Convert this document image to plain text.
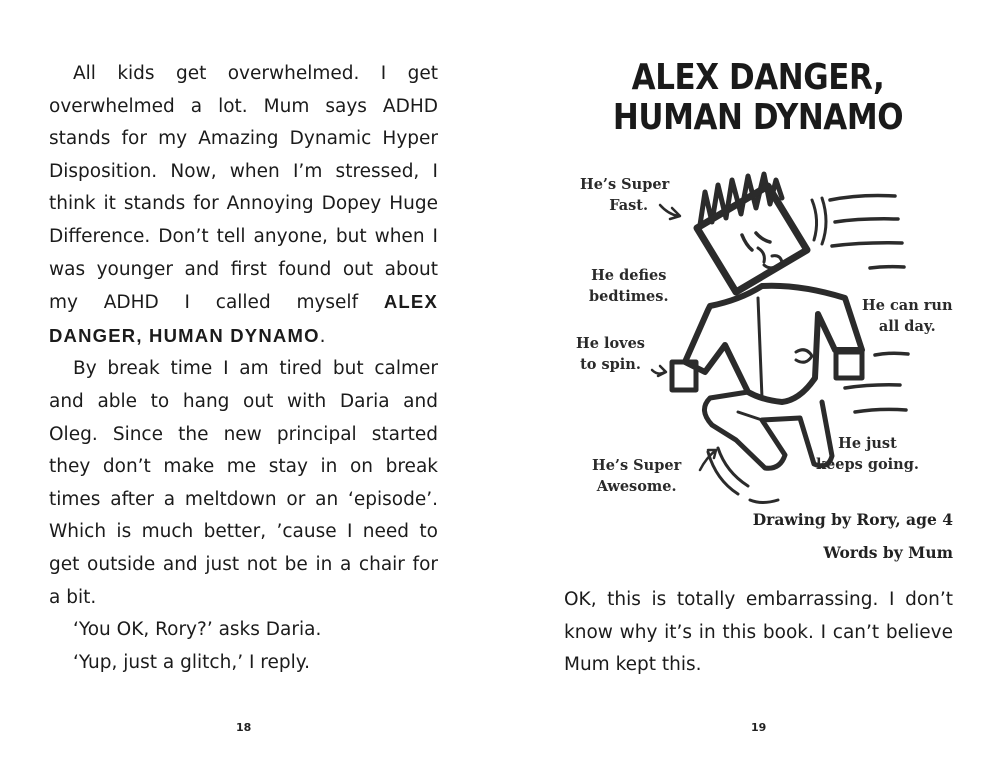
All kids get overwhelmed. I get overwhelmed a lot. Mum says ADHD stands for my Amazing Dynamic Hyper Disposition. Now, when I’m stressed, I think it stands for Annoying Dopey Huge Difference. Don’t tell anyone, but when I was younger and first found out about my ADHD I called myself ALEX DANGER, HUMAN DYNAMO.

By break time I am tired but calmer and able to hang out with Daria and Oleg. Since the new principal started they don’t make me stay in on break times after a meltdown or an ‘episode’. Which is much better, ’cause I need to get outside and just not be in a chair for a bit.

‘You OK, Rory?’ asks Daria.

‘Yup, just a glitch,’ I reply.

18
ALEX DANGER,
HUMAN DYNAMO
He’s Super
Fast.
He defies
bedtimes.
He loves
to spin.
He’s Super
Awesome.
He can run
all day.
He just
keeps going.
Drawing by Rory, age 4
Words by Mum

OK, this is totally embarrassing. I don’t know why it’s in this book. I can’t believe Mum kept this.

19
